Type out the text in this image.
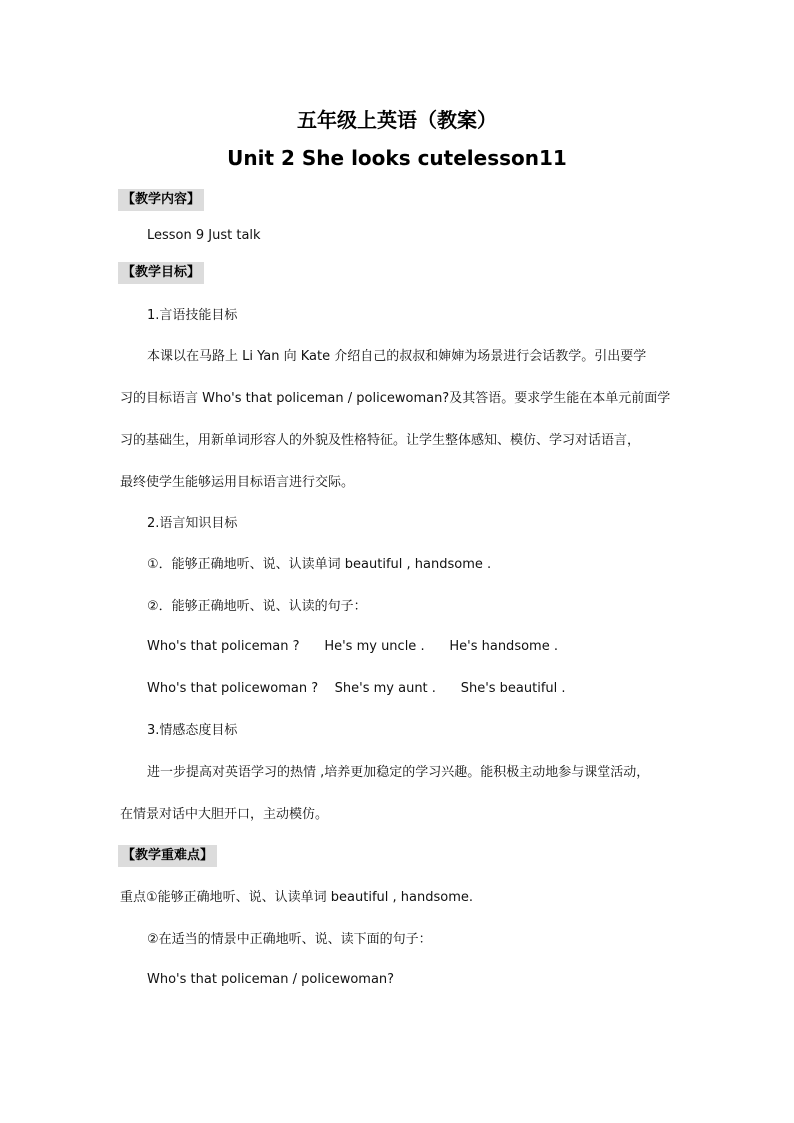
五年级上英语（教案）
Unit 2 She looks cutelesson11
【教学内容】
Lesson 9 Just talk
【教学目标】
1.言语技能目标
本课以在马路上 Li Yan 向 Kate 介绍自己的叔叔和婶婶为场景进行会话教学。引出要学
习的目标语言 Who's that policeman / policewoman?及其答语。要求学生能在本单元前面学
习的基础生，用新单词形容人的外貌及性格特征。让学生整体感知、模仿、学习对话语言，
最终使学生能够运用目标语言进行交际。
2.语言知识目标
①．能够正确地听、说、认读单词 beautiful , handsome .
②．能够正确地听、说、认读的句子：
Who's that policeman ?      He's my uncle .      He's handsome .
Who's that policewoman ?    She's my aunt .      She's beautiful .
3.情感态度目标
进一步提高对英语学习的热情 ,培养更加稳定的学习兴趣。能积极主动地参与课堂活动，
在情景对话中大胆开口，主动模仿。
【教学重难点】
重点①能够正确地听、说、认读单词 beautiful , handsome.
②在适当的情景中正确地听、说、读下面的句子：
Who's that policeman / policewoman?
